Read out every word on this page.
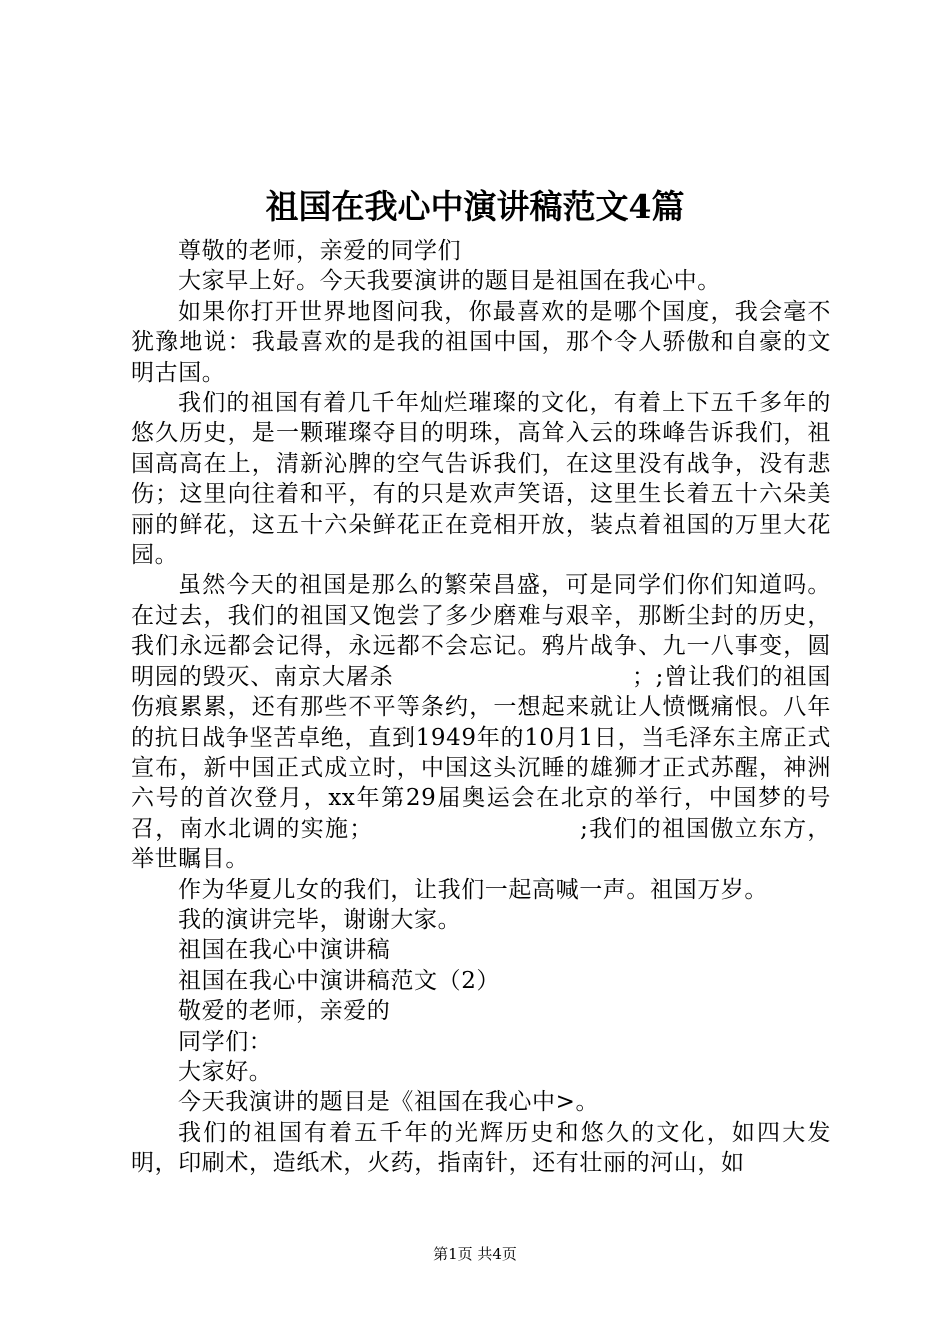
祖国在我心中演讲稿范文4篇

尊敬的老师，亲爱的同学们

大家早上好。今天我要演讲的题目是祖国在我心中。

如果你打开世界地图问我，你最喜欢的是哪个国度，我会毫不犹豫地说：我最喜欢的是我的祖国中国，那个令人骄傲和自豪的文明古国。

我们的祖国有着几千年灿烂璀璨的文化，有着上下五千多年的悠久历史，是一颗璀璨夺目的明珠，高耸入云的珠峰告诉我们，祖国高高在上，清新沁脾的空气告诉我们，在这里没有战争，没有悲伤；这里向往着和平，有的只是欢声笑语，这里生长着五十六朵美丽的鲜花，这五十六朵鲜花正在竞相开放，装点着祖国的万里大花园。

虽然今天的祖国是那么的繁荣昌盛，可是同学们你们知道吗。在过去，我们的祖国又饱尝了多少磨难与艰辛，那断尘封的历史，我们永远都会记得，永远都不会忘记。鸦片战争、九一八事变，圆明园的毁灭、南京大屠杀　　　　　　　　　　；;曾让我们的祖国伤痕累累，还有那些不平等条约，一想起来就让人愤慨痛恨。八年的抗日战争坚苦卓绝，直到1949年的10月1日，当毛泽东主席正式宣布，新中国正式成立时，中国这头沉睡的雄狮才正式苏醒，神洲六号的首次登月，xx年第29届奥运会在北京的举行，中国梦的号召，南水北调的实施；　　　　　　　　　;我们的祖国傲立东方，举世瞩目。

作为华夏儿女的我们，让我们一起高喊一声。祖国万岁。

我的演讲完毕，谢谢大家。

祖国在我心中演讲稿

祖国在我心中演讲稿范文（2）

敬爱的老师，亲爱的

同学们：

大家好。

今天我演讲的题目是《祖国在我心中>。

我们的祖国有着五千年的光辉历史和悠久的文化，如四大发明，印刷术，造纸术，火药，指南针，还有壮丽的河山，如

第1页 共4页
